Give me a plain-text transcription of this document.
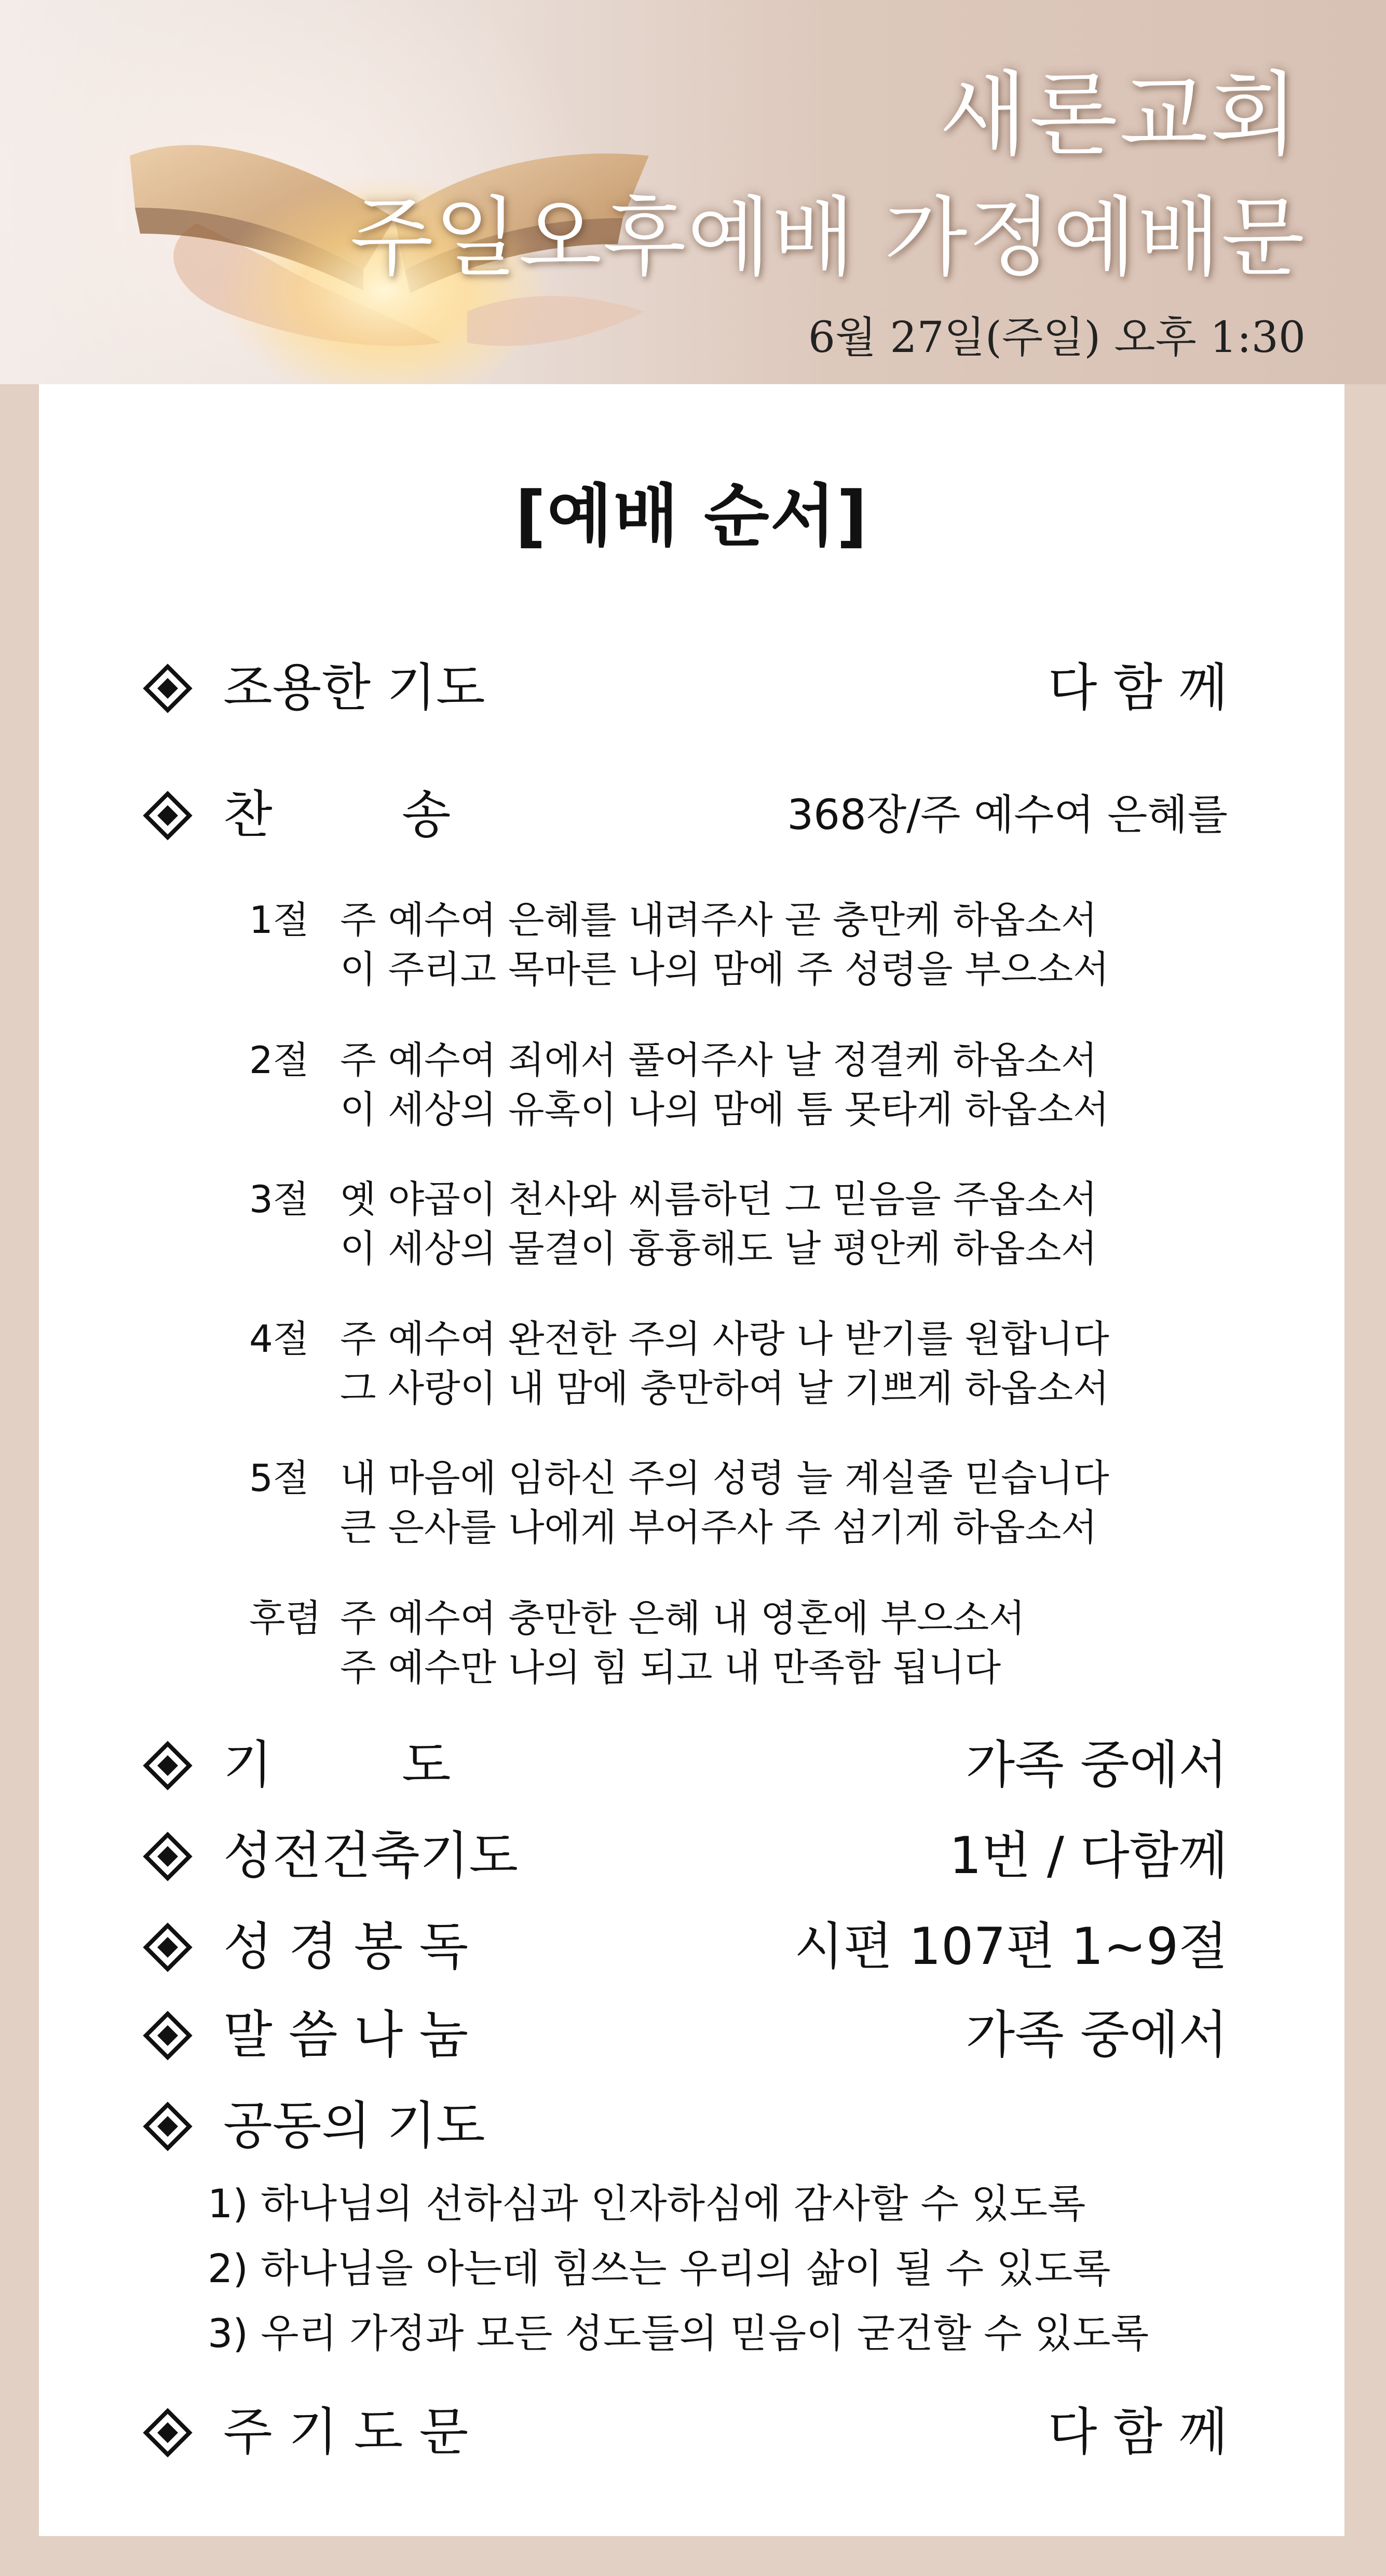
새론교회
주일오후예배 가정예배문
6월 27일(주일) 오후 1:30
[예배 순서]
조용한 기도	다 함 께
찬        송	368장/주 예수여 은혜를
1절 주 예수여 은혜를 내려주사 곧 충만케 하옵소서
이 주리고 목마른 나의 맘에 주 성령을 부으소서
2절 주 예수여 죄에서 풀어주사 날 정결케 하옵소서
이 세상의 유혹이 나의 맘에 틈 못타게 하옵소서
3절 옛 야곱이 천사와 씨름하던 그 믿음을 주옵소서
이 세상의 물결이 흉흉해도 날 평안케 하옵소서
4절 주 예수여 완전한 주의 사랑 나 받기를 원합니다
그 사랑이 내 맘에 충만하여 날 기쁘게 하옵소서
5절 내 마음에 임하신 주의 성령 늘 계실줄 믿습니다
큰 은사를 나에게 부어주사 주 섬기게 하옵소서
후렴 주 예수여 충만한 은혜 내 영혼에 부으소서
주 예수만 나의 힘 되고 내 만족함 됩니다
기        도	가족 중에서
성전건축기도	1번 / 다함께
성 경 봉 독	시편 107편 1~9절
말 씀 나 눔	가족 중에서
공동의 기도
1) 하나님의 선하심과 인자하심에 감사할 수 있도록
2) 하나님을 아는데 힘쓰는 우리의 삶이 될 수 있도록
3) 우리 가정과 모든 성도들의 믿음이 굳건할 수 있도록
주 기 도 문	다 함 께
